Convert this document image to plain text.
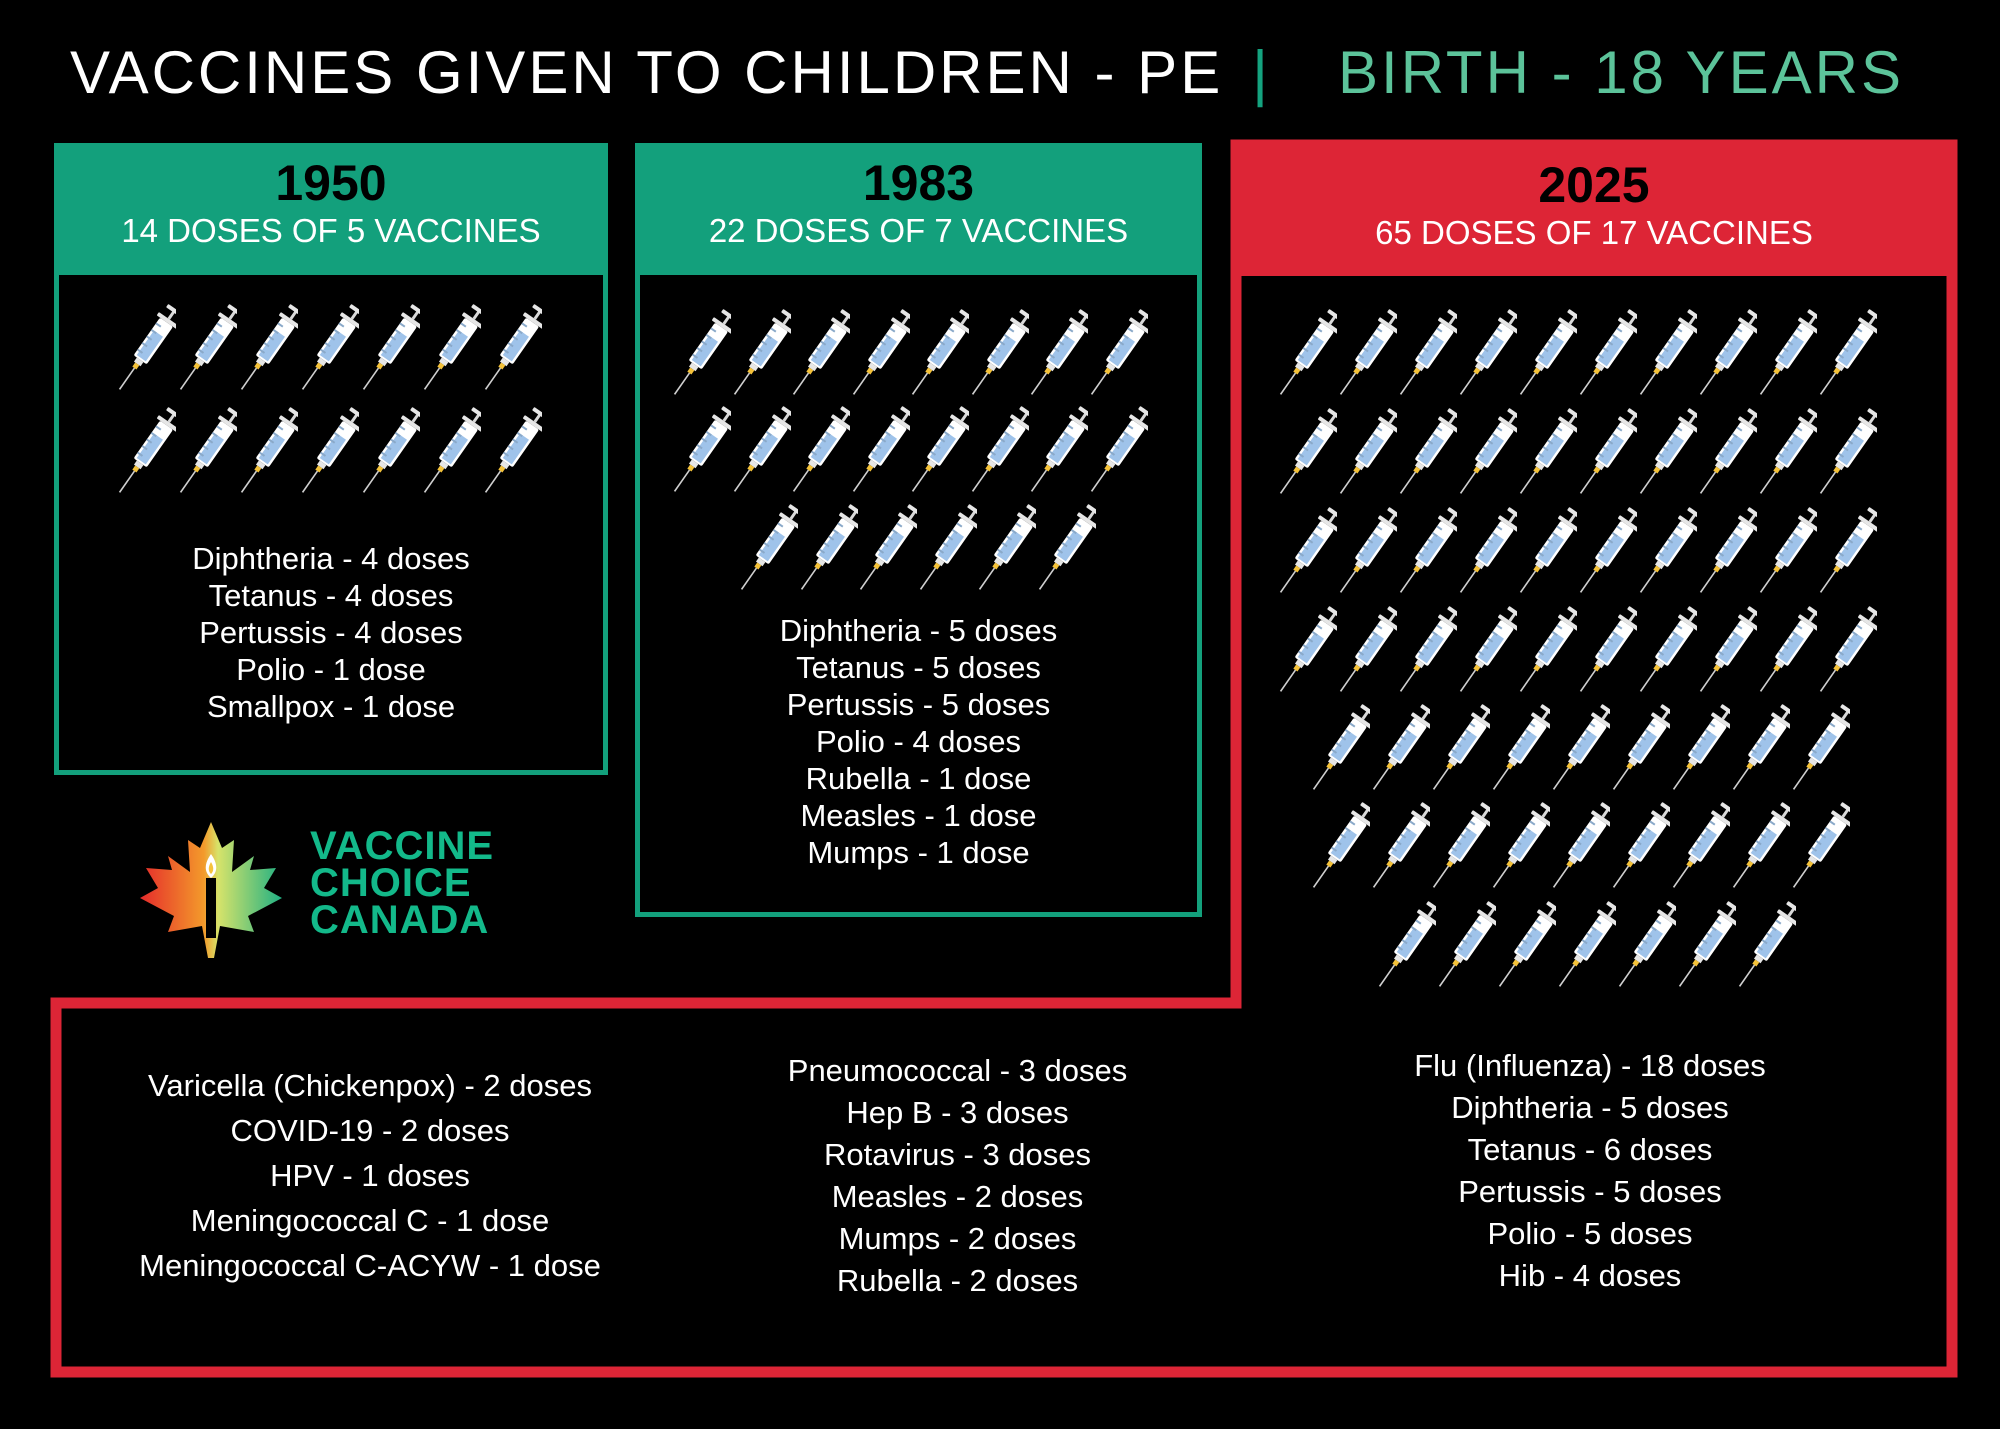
VACCINES GIVEN TO CHILDREN - PE | BIRTH - 18 YEARS
1950
14 DOSES OF 5 VACCINES
Diphtheria - 4 doses
Tetanus - 4 doses
Pertussis - 4 doses
Polio - 1 dose
Smallpox - 1 dose
1983
22 DOSES OF 7 VACCINES
Diphtheria - 5 doses
Tetanus - 5 doses
Pertussis - 5 doses
Polio - 4 doses
Rubella - 1 dose
Measles - 1 dose
Mumps - 1 dose
2025
65 DOSES OF 17 VACCINES
Varicella (Chickenpox) - 2 doses
COVID-19 - 2 doses
HPV - 1 doses
Meningococcal C - 1 dose
Meningococcal C-ACYW - 1 dose
Pneumococcal - 3 doses
Hep B - 3 doses
Rotavirus - 3 doses
Measles - 2 doses
Mumps - 2 doses
Rubella - 2 doses
Flu (Influenza) - 18 doses
Diphtheria - 5 doses
Tetanus - 6 doses
Pertussis - 5 doses
Polio - 5 doses
Hib - 4 doses
VACCINE
CHOICE
CANADA
